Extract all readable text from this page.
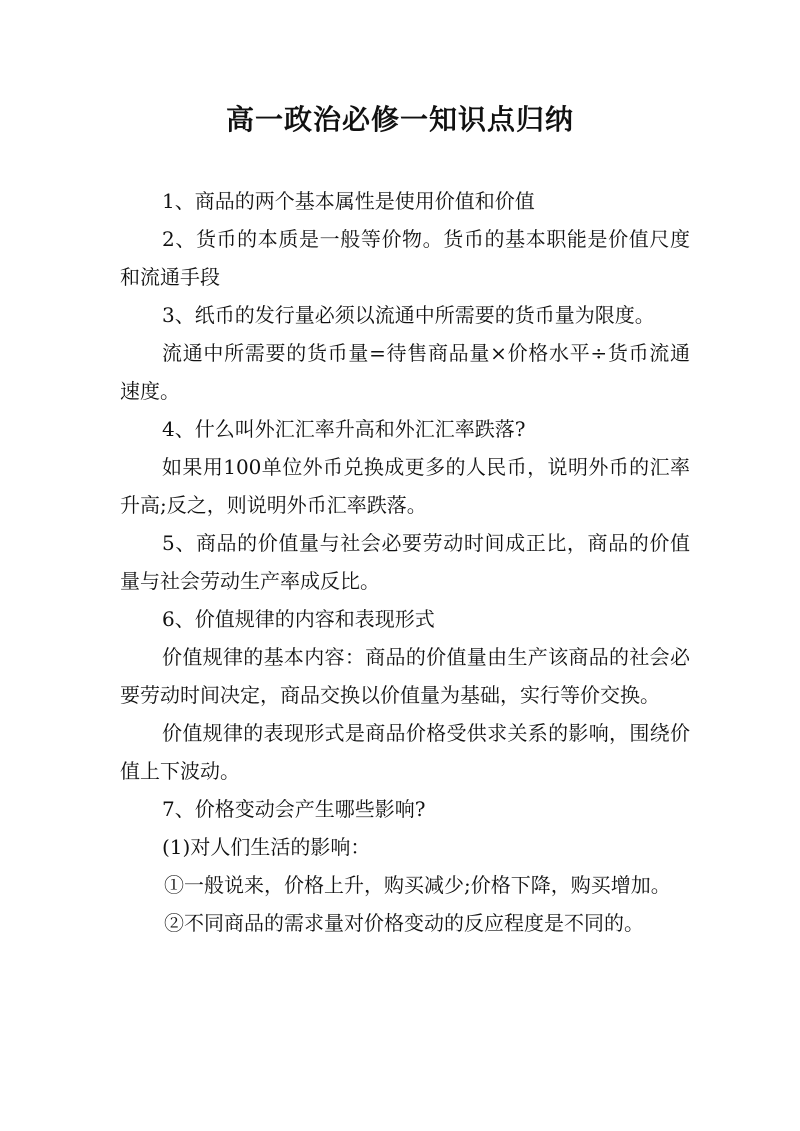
高一政治必修一知识点归纳

1、商品的两个基本属性是使用价值和价值

2、货币的本质是一般等价物。货币的基本职能是价值尺度和流通手段

3、纸币的发行量必须以流通中所需要的货币量为限度。

流通中所需要的货币量=待售商品量×价格水平÷货币流通速度。

4、什么叫外汇汇率升高和外汇汇率跌落?

如果用100单位外币兑换成更多的人民币，说明外币的汇率升高;反之，则说明外币汇率跌落。

5、商品的价值量与社会必要劳动时间成正比，商品的价值量与社会劳动生产率成反比。

6、价值规律的内容和表现形式

价值规律的基本内容：商品的价值量由生产该商品的社会必要劳动时间决定，商品交换以价值量为基础，实行等价交换。

价值规律的表现形式是商品价格受供求关系的影响，围绕价值上下波动。

7、价格变动会产生哪些影响?

(1)对人们生活的影响：

①一般说来，价格上升，购买减少;价格下降，购买增加。

②不同商品的需求量对价格变动的反应程度是不同的。
